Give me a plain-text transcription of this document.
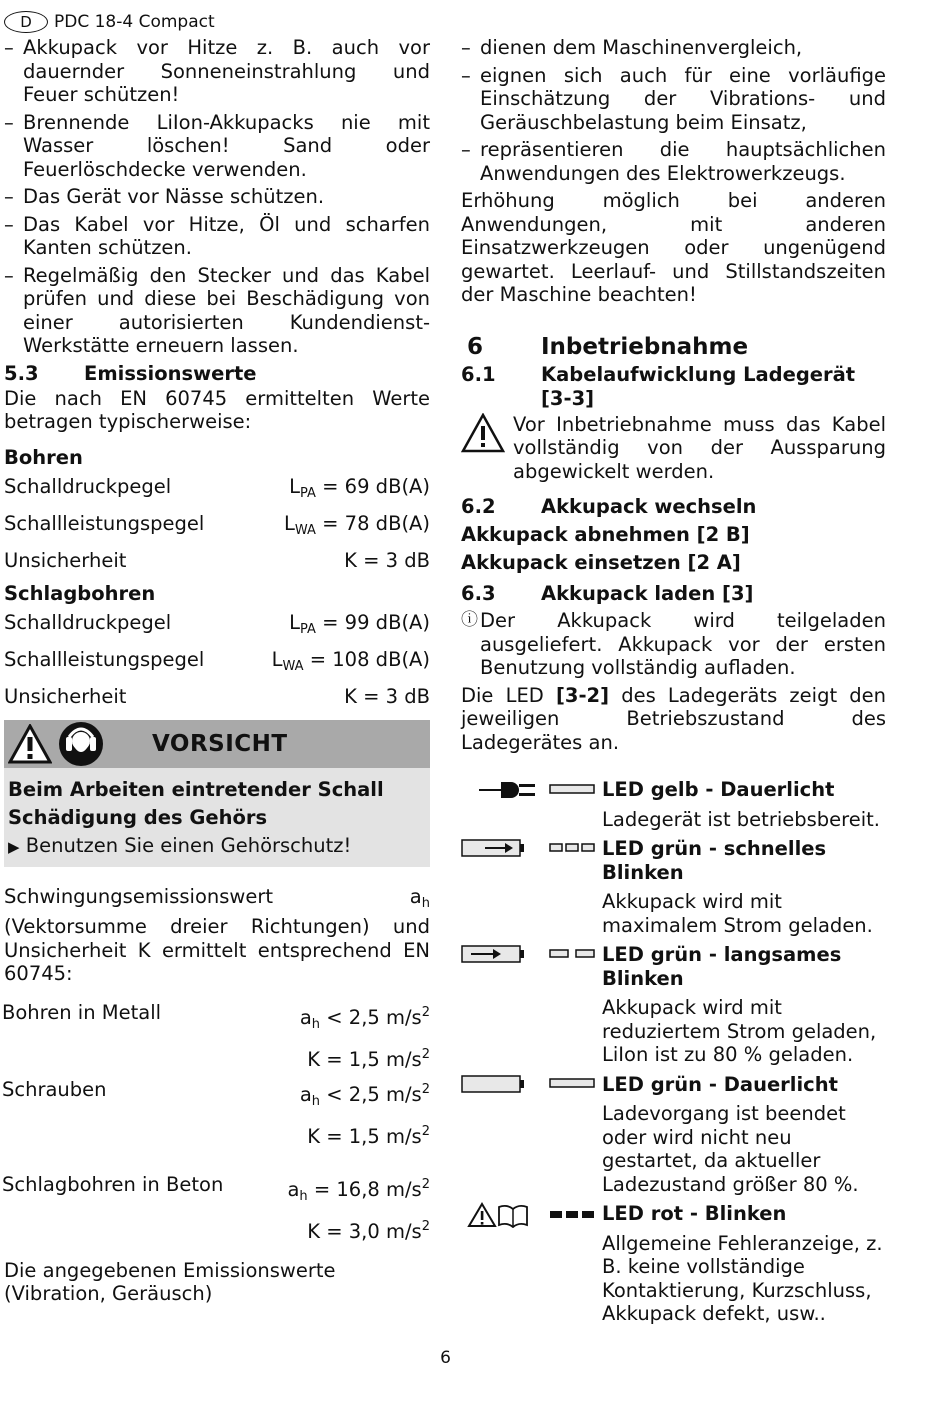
D	PDC 18-4 Compact

– Akkupack vor Hitze z. B. auch vor dauernder Sonneneinstrahlung und Feuer schützen!

– Brennende LiIon-Akkupacks nie mit Wasser löschen! Sand oder Feuerlöschdecke verwenden.

– Das Gerät vor Nässe schützen.

– Das Kabel vor Hitze, Öl und scharfen Kanten schützen.

– Regelmäßig den Stecker und das Kabel prüfen und diese bei Beschädigung von einer autorisierten Kundendienst-Werkstätte erneuern lassen.

5.3	Emissionswerte

Die nach EN 60745 ermittelten Werte betragen typischerweise:

Bohren

Schalldruckpegel	$L_{PA} = 69$ dB(A)
Schallleistungspegel	$L_{WA} = 78$ dB(A)
Unsicherheit	K = 3 dB

Schlagbohren

Schalldruckpegel	$L_{PA} = 99$ dB(A)
Schallleistungspegel	$L_{WA} = 108$ dB(A)
Unsicherheit	K = 3 dB
VORSICHT

Beim Arbeiten eintretender Schall

Schädigung des Gehörs

▶ Benutzen Sie einen Gehörschutz!

Schwingungsemissionswert $a_h$ (Vektorsumme dreier Richtungen) und Unsicherheit K ermittelt entsprechend EN 60745:

Bohren in Metall	$a_h < 2,5$ $m/s^2$
K = 1,5 $m/s^2$
Schrauben	$a_h < 2,5$ $m/s^2$
K = 1,5 $m/s^2$
Schlagbohren in Beton	$a_h = 16,8$ $m/s^2$
K = 3,0 $m/s^2$

Die angegebenen Emissionswerte (Vibration, Geräusch)

– dienen dem Maschinenvergleich,

– eignen sich auch für eine vorläufige Einschätzung der Vibrations- und Geräuschbelastung beim Einsatz,

– repräsentieren die hauptsächlichen Anwendungen des Elektrowerkzeugs.

Erhöhung möglich bei anderen Anwendungen, mit anderen Einsatzwerkzeugen oder ungenügend gewartet. Leerlauf- und Stillstandszeiten der Maschine beachten!

6	Inbetriebnahme
6.1	Kabelaufwicklung Ladegerät [3-3]
Vor Inbetriebnahme muss das Kabel vollständig von der Aussparung abgewickelt werden.
6.2	Akkupack wechseln

Akkupack abnehmen [2 B]

Akkupack einsetzen [2 A]

6.3	Akkupack laden [3]
ⓘ Der Akkupack wird teilgeladen ausgeliefert. Akkupack vor der ersten Benutzung vollständig aufladen.

Die LED [3-2] des Ladegeräts zeigt den jeweiligen Betriebszustand des Ladegerätes an.

LED gelb - Dauerlicht

Ladegerät ist betriebsbereit.

LED grün - schnelles Blinken

Akkupack wird mit maximalem Strom geladen.

LED grün - langsames Blinken

Akkupack wird mit reduziertem Strom geladen, LiIon ist zu 80 % geladen.

LED grün - Dauerlicht

Ladevorgang ist beendet oder wird nicht neu gestartet, da aktueller Ladezustand größer 80 %.

LED rot - Blinken

Allgemeine Fehleranzeige, z. B. keine vollständige Kontaktierung, Kurzschluss, Akkupack defekt, usw..

6
